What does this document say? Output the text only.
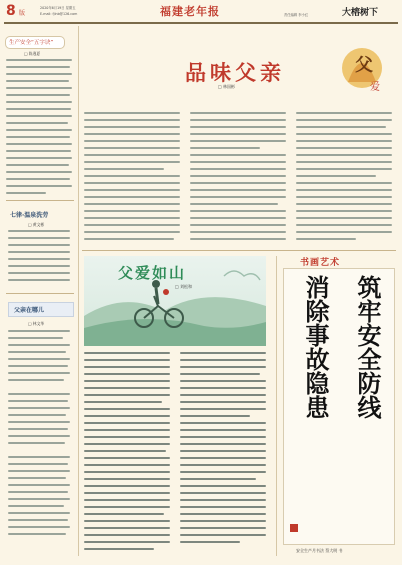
8 版
2020年6月19日 星期五
E-mail: fjlnb@126.com	福建老年报	责任编辑 李小红	大榕树下
生产安全“五字诀”
□ 陈逸夏
七律·温泉洗劳
□ 黄文彬
父亲在哪儿
□ 林文华
品味父亲
□ 林国彬
父
爱
父爱如山
□ 刘松和
书画艺术
筑牢安全防线
消除事故隐患
安全生产月书法 蔡大明 书
